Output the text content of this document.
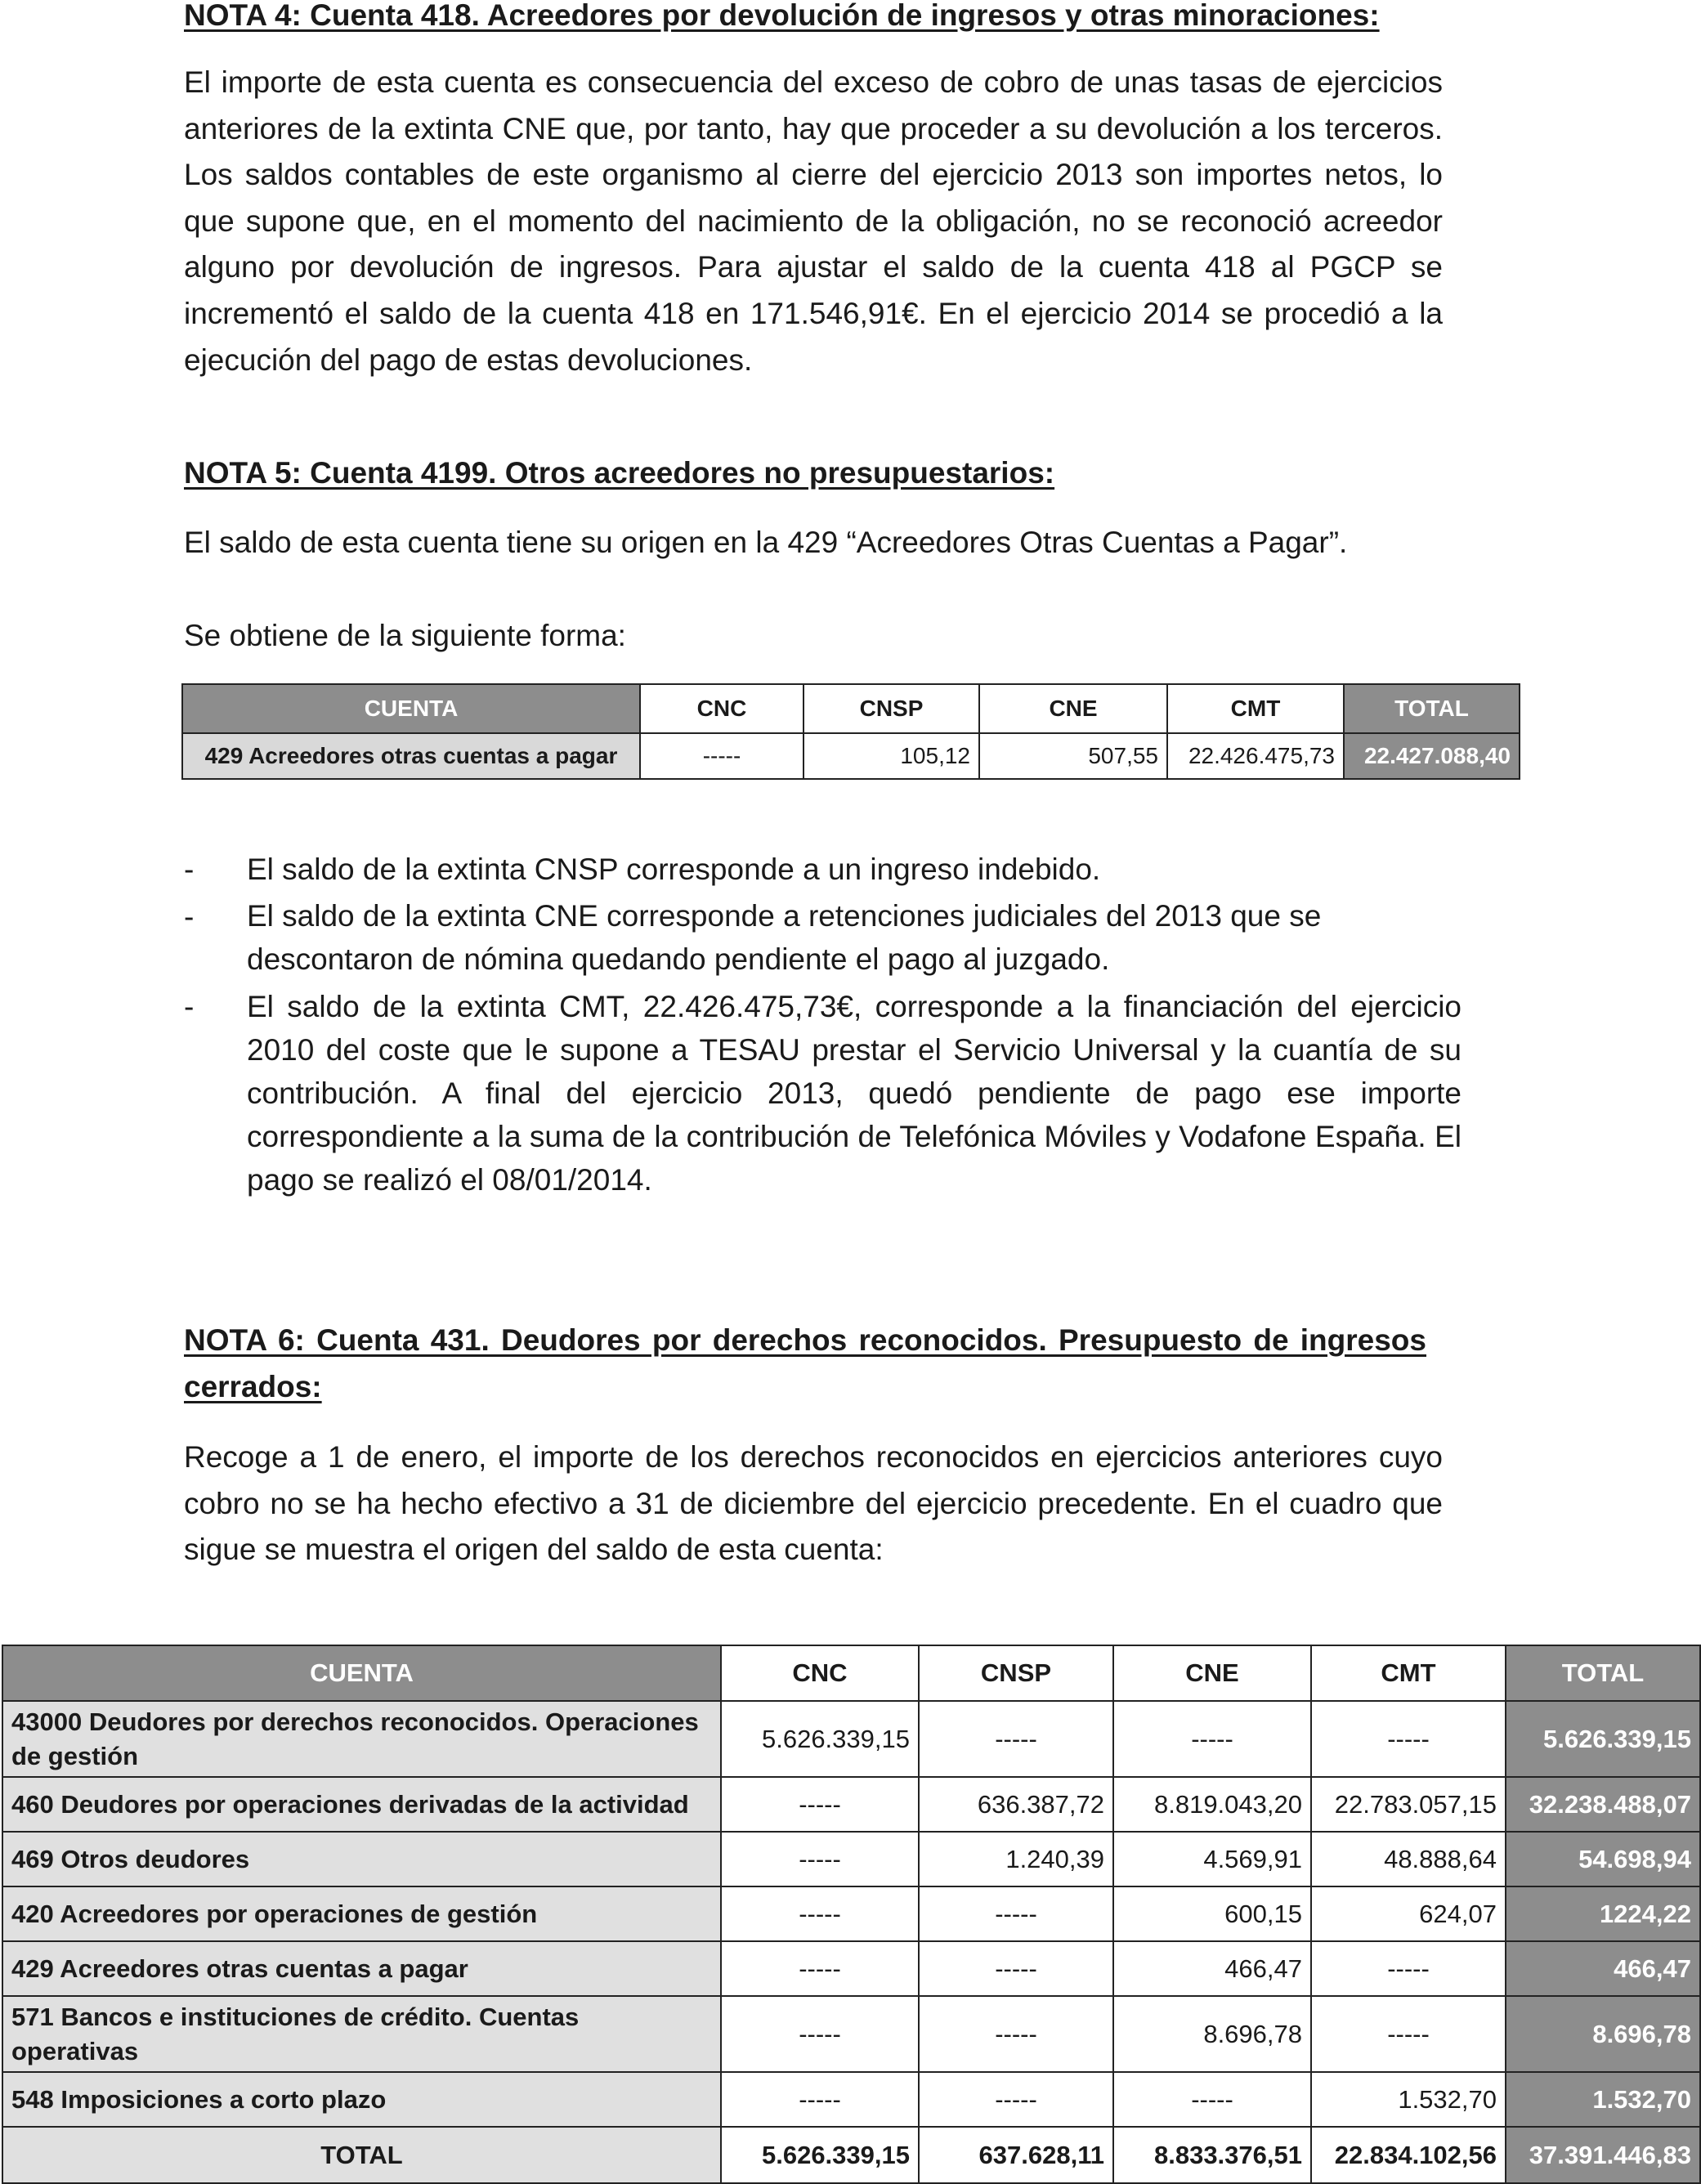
NOTA 4: Cuenta 418. Acreedores por devolución de ingresos y otras minoraciones:

El importe de esta cuenta es consecuencia del exceso de cobro de unas tasas de ejercicios anteriores de la extinta CNE que, por tanto, hay que proceder a su devolución a los terceros. Los saldos contables de este organismo al cierre del ejercicio 2013 son importes netos, lo que supone que, en el momento del nacimiento de la obligación, no se reconoció acreedor alguno por devolución de ingresos. Para ajustar el saldo de la cuenta 418 al PGCP se incrementó el saldo de la cuenta 418 en 171.546,91€. En el ejercicio 2014 se procedió a la ejecución del pago de estas devoluciones.

NOTA 5: Cuenta 4199. Otros acreedores no presupuestarios:

El saldo de esta cuenta tiene su origen en la 429 “Acreedores Otras Cuentas a Pagar”.

Se obtiene de la siguiente forma:

CUENTA	CNC	CNSP	CNE	CMT	TOTAL
429 Acreedores otras cuentas a pagar	-----	105,12	507,55	22.426.475,73	22.427.088,40
- El saldo de la extinta CNSP corresponde a un ingreso indebido.

- El saldo de la extinta CNE corresponde a retenciones judiciales del 2013 que se descontaron de nómina quedando pendiente el pago al juzgado.

- El saldo de la extinta CMT, 22.426.475,73€, corresponde a la financiación del ejercicio 2010 del coste que le supone a TESAU prestar el Servicio Universal y la cuantía de su contribución. A final del ejercicio 2013, quedó pendiente de pago ese importe correspondiente a la suma de la contribución de Telefónica Móviles y Vodafone España. El pago se realizó el 08/01/2014.

NOTA 6: Cuenta 431. Deudores por derechos reconocidos. Presupuesto de ingresos cerrados:

Recoge a 1 de enero, el importe de los derechos reconocidos en ejercicios anteriores cuyo cobro no se ha hecho efectivo a 31 de diciembre del ejercicio precedente. En el cuadro que sigue se muestra el origen del saldo de esta cuenta:

CUENTA	CNC	CNSP	CNE	CMT	TOTAL
43000 Deudores por derechos reconocidos. Operaciones de gestión	5.626.339,15	-----	-----	-----	5.626.339,15
460 Deudores por operaciones derivadas de la actividad	-----	636.387,72	8.819.043,20	22.783.057,15	32.238.488,07
469 Otros deudores	-----	1.240,39	4.569,91	48.888,64	54.698,94
420 Acreedores por operaciones de gestión	-----	-----	600,15	624,07	1224,22
429 Acreedores otras cuentas a pagar	-----	-----	466,47	-----	466,47
571 Bancos e instituciones de crédito. Cuentas operativas	-----	-----	8.696,78	-----	8.696,78
548 Imposiciones a corto plazo	-----	-----	-----	1.532,70	1.532,70
TOTAL	5.626.339,15	637.628,11	8.833.376,51	22.834.102,56	37.391.446,83
